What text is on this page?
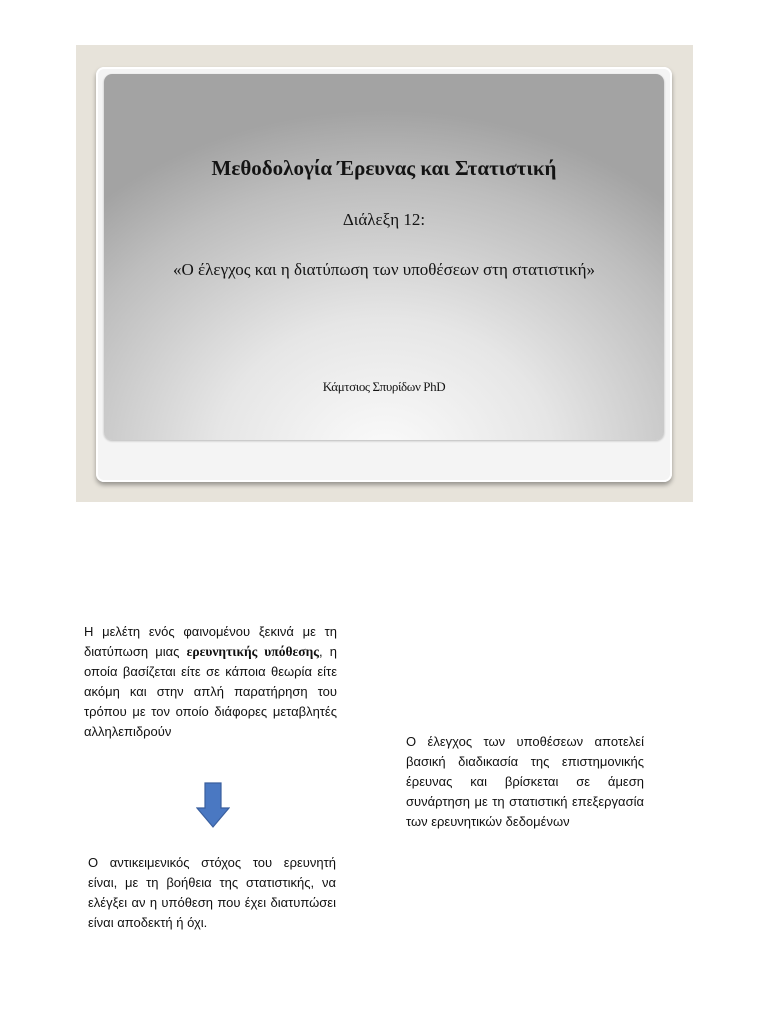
Μεθοδολογία Έρευνας και Στατιστική
Διάλεξη 12:
«Ο έλεγχος και η διατύπωση των υποθέσεων στη στατιστική»
Κάμτσιος Σπυρίδων PhD
Η μελέτη ενός φαινομένου ξεκινά με τη διατύπωση μιας ερευνητικής υπόθεσης, η οποία βασίζεται είτε σε κάποια θεωρία είτε ακόμη και στην απλή παρατήρηση του τρόπου με τον οποίο διάφορες μεταβλητές αλληλεπιδρούν
Ο αντικειμενικός στόχος του ερευνητή είναι, με τη βοήθεια της στατιστικής, να ελέγξει αν η υπόθεση που έχει διατυπώσει είναι αποδεκτή ή όχι.
Ο έλεγχος των υποθέσεων αποτελεί βασική διαδικασία της επιστημονικής έρευνας και βρίσκεται σε άμεση συνάρτηση με τη στατιστική επεξεργασία των ερευνητικών δεδομένων
